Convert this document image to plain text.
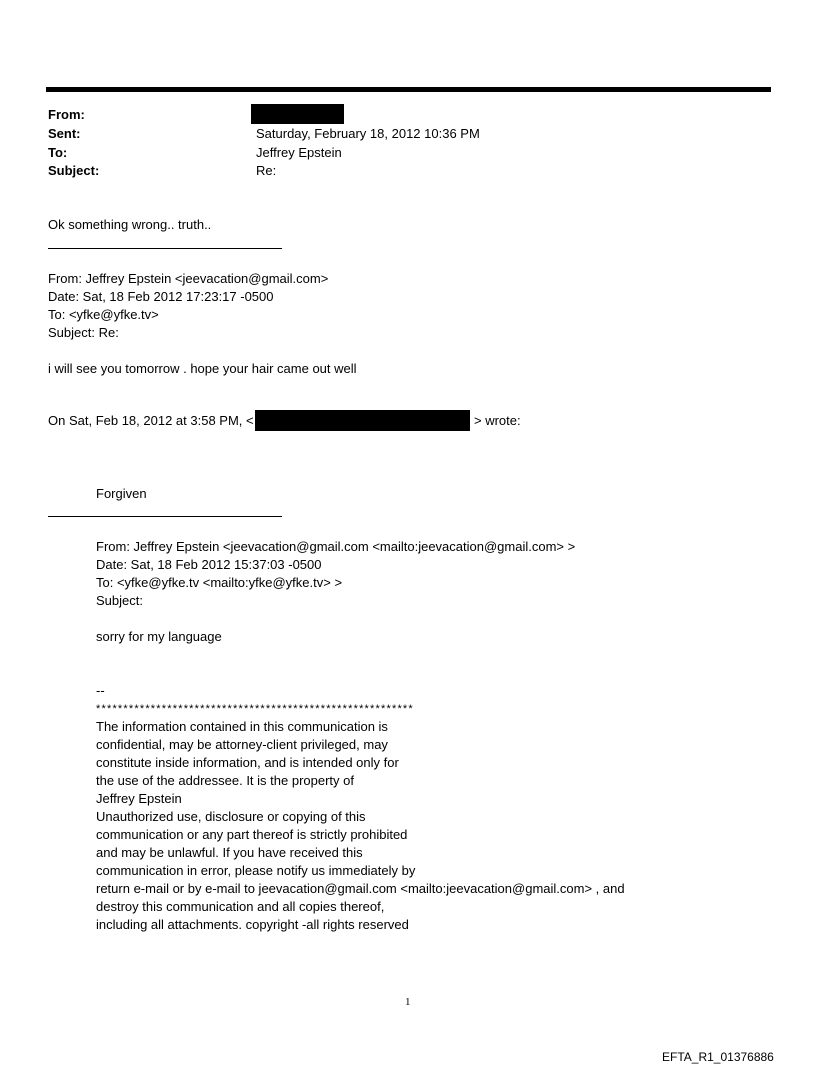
From:
Sent:	Saturday, February 18, 2012 10:36 PM
To:	Jeffrey Epstein
Subject:	Re:
Ok something wrong.. truth..
From: Jeffrey Epstein <jeevacation@gmail.com>
Date: Sat, 18 Feb 2012 17:23:17 -0500
To: <yfke@yfke.tv>
Subject: Re:
i will see you tomorrow . hope your hair came out well
On Sat, Feb 18, 2012 at 3:58 PM, <	> wrote:
Forgiven
From: Jeffrey Epstein <jeevacation@gmail.com <mailto:jeevacation@gmail.com> >
Date: Sat, 18 Feb 2012 15:37:03 -0500
To: <yfke@yfke.tv <mailto:yfke@yfke.tv> >
Subject:
sorry for my language
--
**********************************************************
The information contained in this communication is
confidential, may be attorney-client privileged, may
constitute inside information, and is intended only for
the use of the addressee. It is the property of
Jeffrey Epstein
Unauthorized use, disclosure or copying of this
communication or any part thereof is strictly prohibited
and may be unlawful. If you have received this
communication in error, please notify us immediately by
return e-mail or by e-mail to jeevacation@gmail.com <mailto:jeevacation@gmail.com> , and
destroy this communication and all copies thereof,
including all attachments. copyright -all rights reserved
1
EFTA_R1_01376886
